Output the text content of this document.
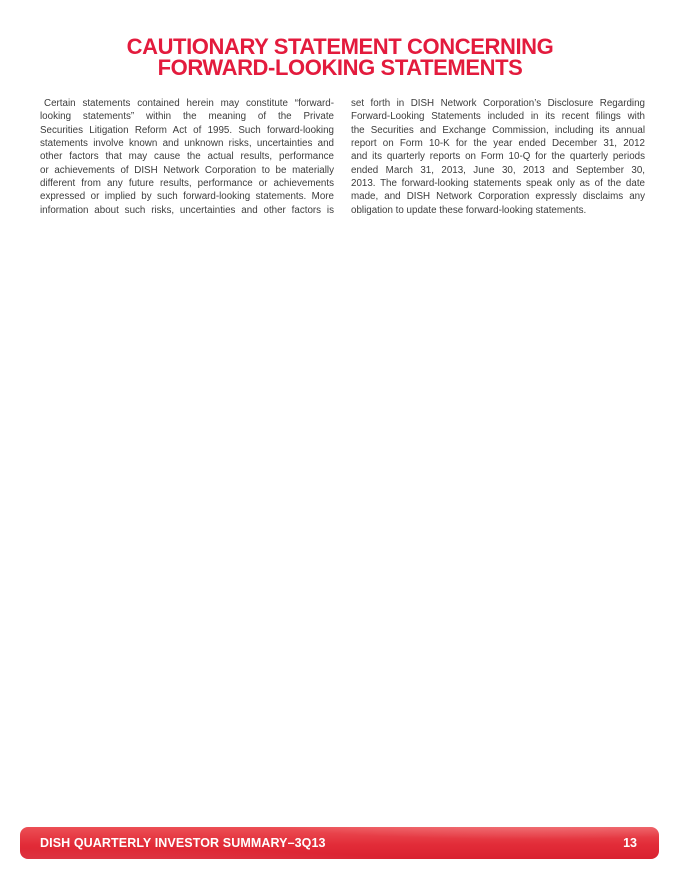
CAUTIONARY STATEMENT CONCERNING
FORWARD-LOOKING STATEMENTS
Certain statements contained herein may constitute “forward-
looking statements” within the meaning of the Private
Securities Litigation Reform Act of 1995. Such forward-looking
statements involve known and unknown risks, uncertainties and
other factors that may cause the actual results, performance
or achievements of DISH Network Corporation to be materially
different from any future results, performance or achievements
expressed or implied by such forward-looking statements. More
information about such risks, uncertainties and other factors is
set forth in DISH Network Corporation’s Disclosure Regarding
Forward-Looking Statements included in its recent filings with
the Securities and Exchange Commission, including its annual
report on Form 10-K for the year ended December 31, 2012
and its quarterly reports on Form 10-Q for the quarterly periods
ended March 31, 2013, June 30, 2013 and September 30,
2013. The forward-looking statements speak only as of the date
made, and DISH Network Corporation expressly disclaims any
obligation to update these forward-looking statements.
DISH QUARTERLY INVESTOR SUMMARY–3Q13	13
